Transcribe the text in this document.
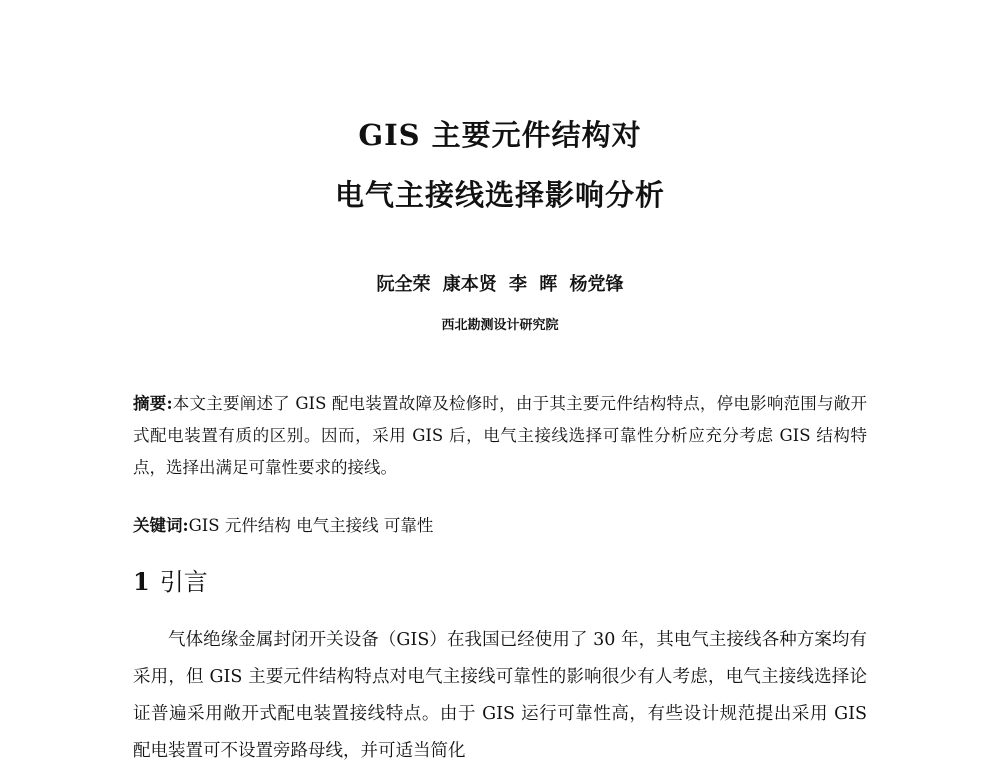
GIS 主要元件结构对
电气主接线选择影响分析
阮全荣 康本贤 李 晖 杨党锋
西北勘测设计研究院
摘要:本文主要阐述了 GIS 配电装置故障及检修时，由于其主要元件结构特点，停电影响范围与敞开式配电装置有质的区别。因而，采用 GIS 后，电气主接线选择可靠性分析应充分考虑 GIS 结构特点，选择出满足可靠性要求的接线。
关键词:GIS 元件结构 电气主接线 可靠性
1 引言

气体绝缘金属封闭开关设备（GIS）在我国已经使用了 30 年，其电气主接线各种方案均有采用，但 GIS 主要元件结构特点对电气主接线可靠性的影响很少有人考虑，电气主接线选择论证普遍采用敞开式配电装置接线特点。由于 GIS 运行可靠性高，有些设计规范提出采用 GIS 配电装置可不设置旁路母线，并可适当简化
